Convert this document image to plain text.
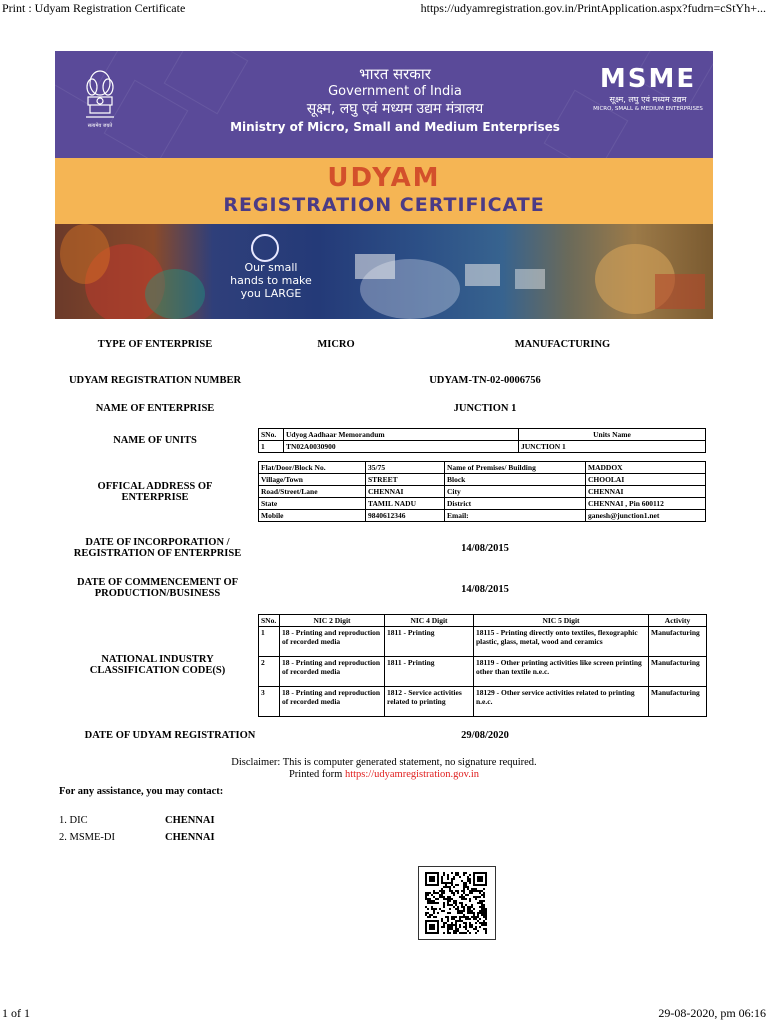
Print : Udyam Registration Certificate	https://udyamregistration.gov.in/PrintApplication.aspx?fudrn=cStYh+...
सत्यमेव जयते
भारत सरकार
Government of India
सूक्ष्म, लघु एवं मध्यम उद्यम मंत्रालय
Ministry of Micro, Small and Medium Enterprises
MSME
सूक्ष्म, लघु एवं मध्यम उद्यम
MICRO, SMALL & MEDIUM ENTERPRISES
UDYAM
REGISTRATION CERTIFICATE
Our small hands to make you LARGE
TYPE OF ENTERPRISE	MICRO	MANUFACTURING
UDYAM REGISTRATION NUMBER	UDYAM-TN-02-0006756
NAME OF ENTERPRISE	JUNCTION 1
NAME OF UNITS
SNo.	Udyog Aadhaar Memorandum	Units Name
1	TN02A0030900	JUNCTION 1
OFFICAL ADDRESS OF ENTERPRISE
Flat/Door/Block No.	35/75	Name of Premises/ Building	MADDOX
Village/Town	STREET	Block	CHOOLAI
Road/Street/Lane	CHENNAI	City	CHENNAI
State	TAMIL NADU	District	CHENNAI , Pin 600112
Mobile	9840612346	Email:	ganesh@junction1.net
DATE OF INCORPORATION / REGISTRATION OF ENTERPRISE	14/08/2015
DATE OF COMMENCEMENT OF PRODUCTION/BUSINESS	14/08/2015
NATIONAL INDUSTRY CLASSIFICATION CODE(S)
SNo.	NIC 2 Digit	NIC 4 Digit	NIC 5 Digit	Activity
1	18 - Printing and reproduction of recorded media	1811 - Printing	18115 - Printing directly onto textiles, flexographic plastic, glass, metal, wood and ceramics	Manufacturing
2	18 - Printing and reproduction of recorded media	1811 - Printing	18119 - Other printing activities like screen printing other than textile n.e.c.	Manufacturing
3	18 - Printing and reproduction of recorded media	1812 - Service activities related to printing	18129 - Other service activities related to printing n.e.c.	Manufacturing
DATE OF UDYAM REGISTRATION	29/08/2020
Disclaimer: This is computer generated statement, no signature required.
Printed form https://udyamregistration.gov.in
For any assistance, you may contact:
1. DIC	CHENNAI
2. MSME-DI	CHENNAI
1 of 1	29-08-2020, pm 06:16
